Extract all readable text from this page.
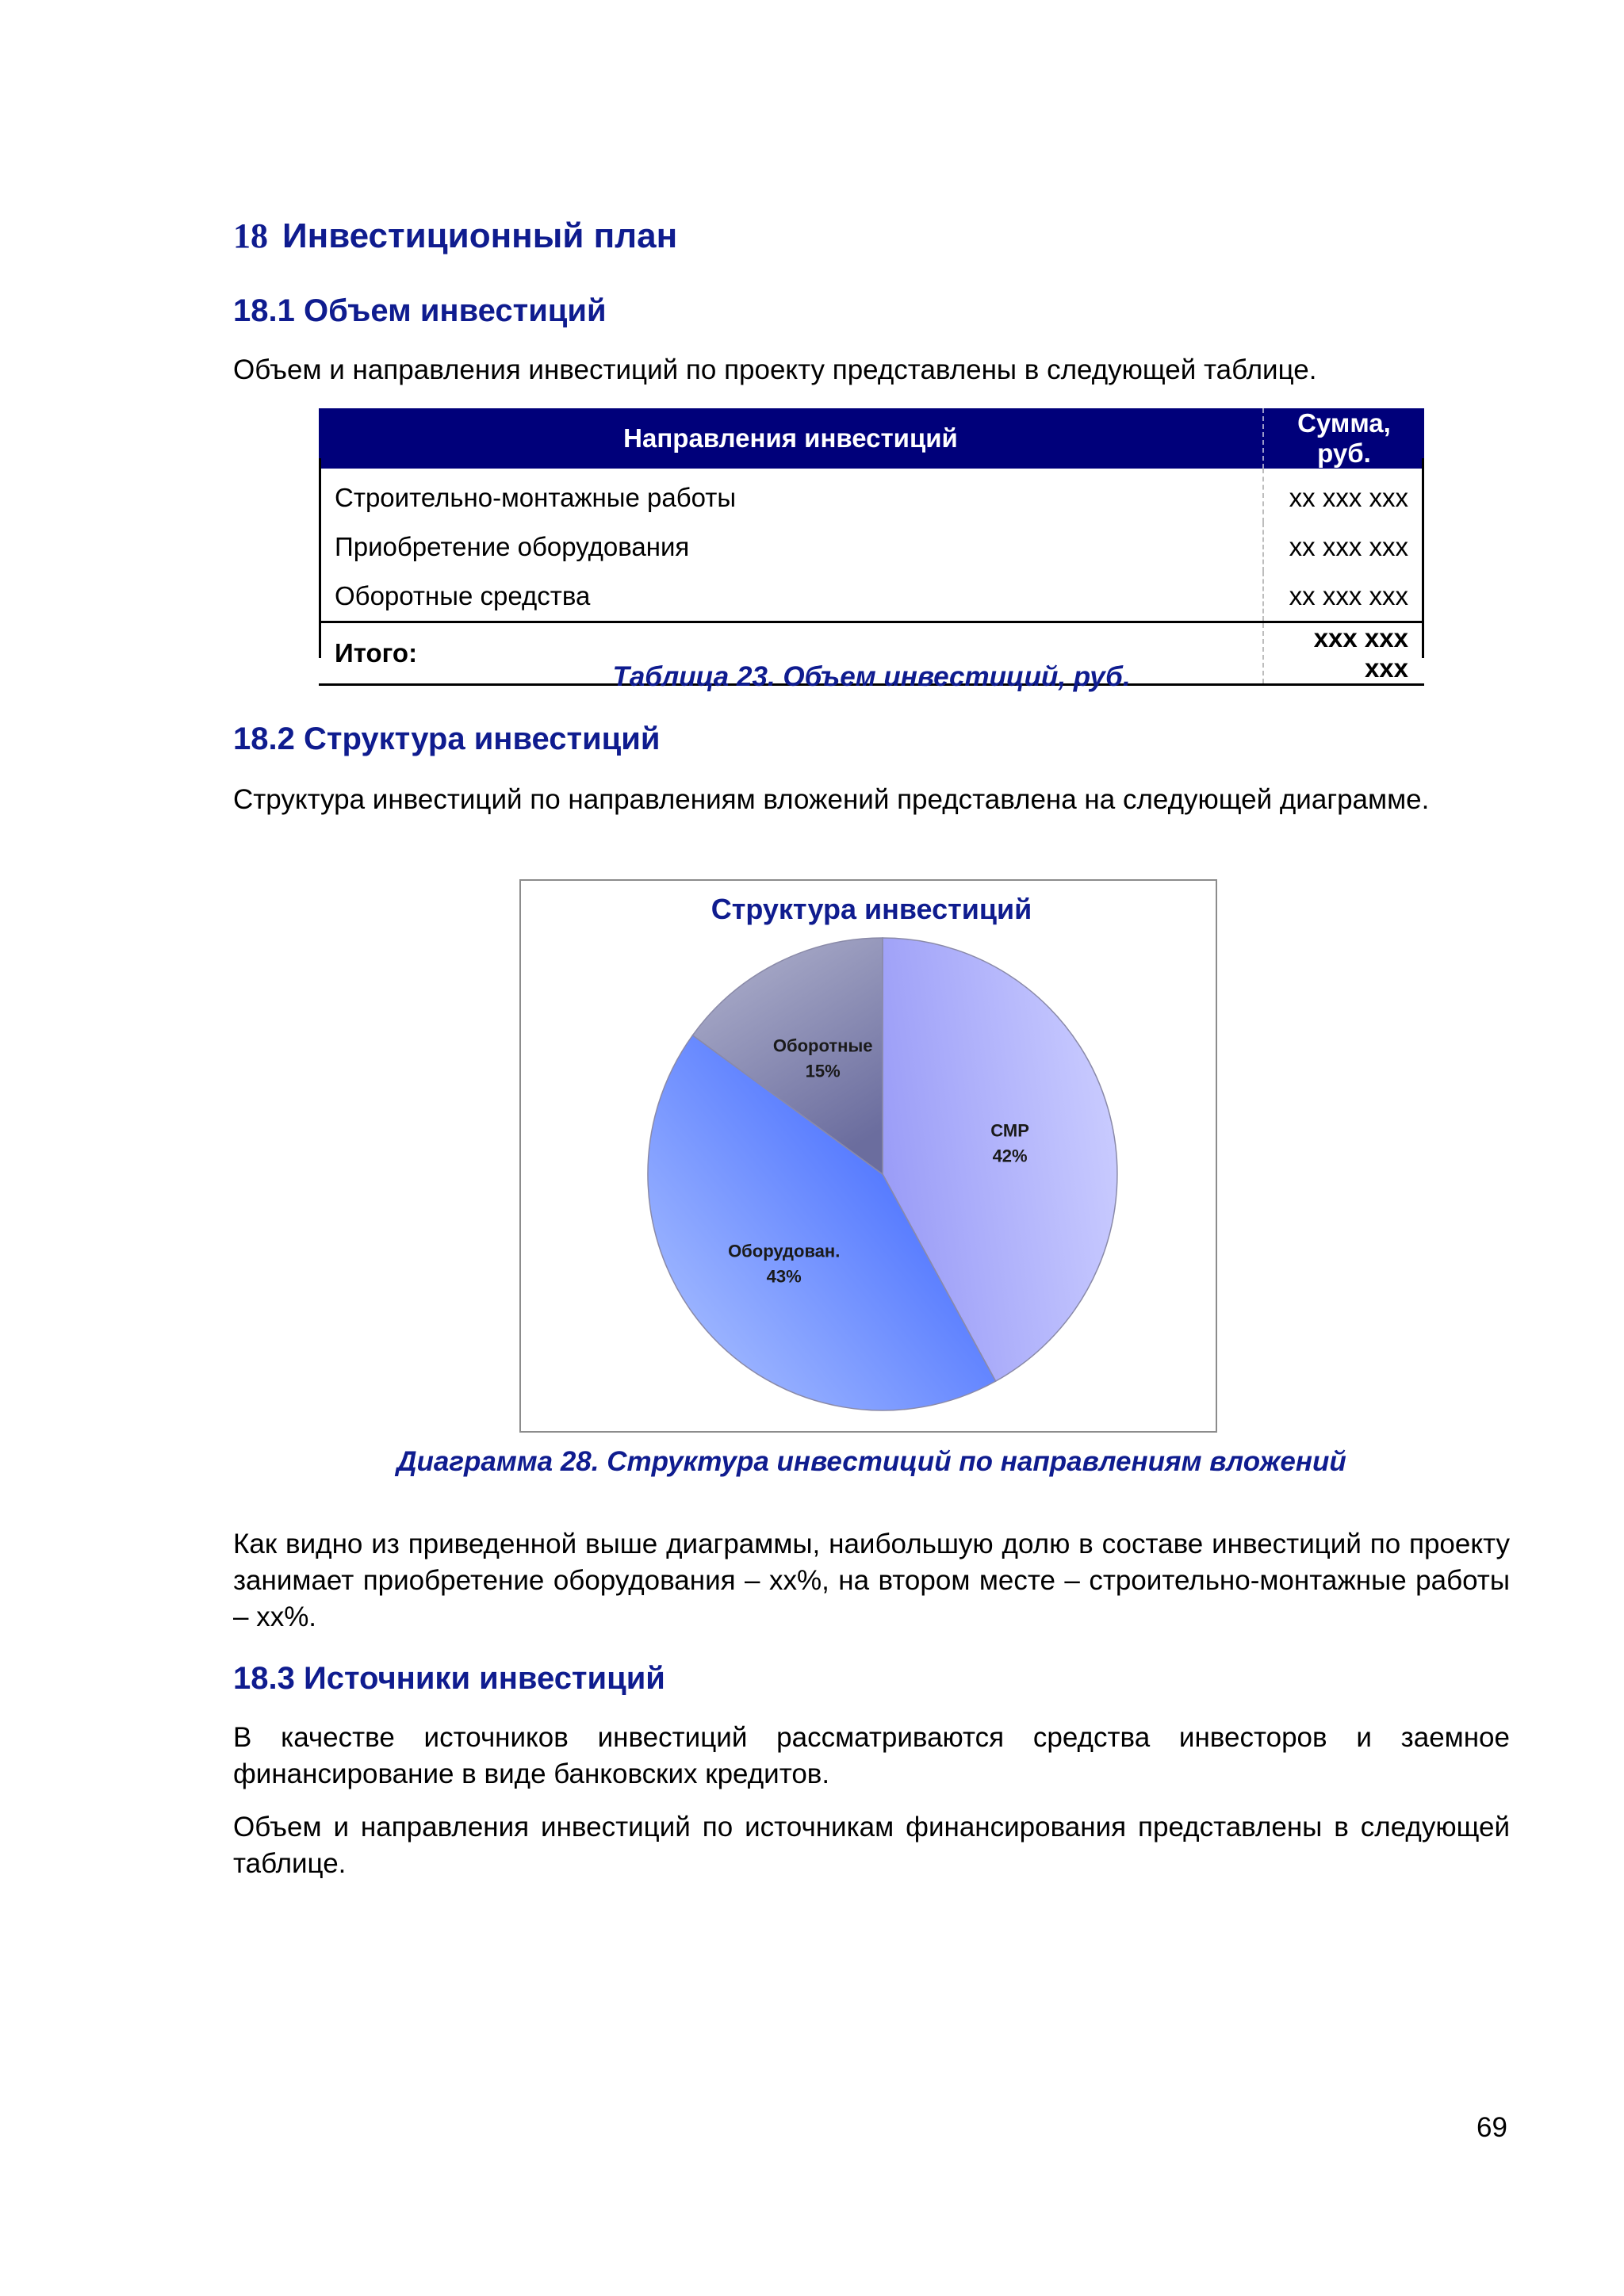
18 Инвестиционный план
18.1 Объем инвестиций
Объем и направления инвестиций по проекту представлены в следующей таблице.
Направления инвестиций	Сумма, руб.
Строительно-монтажные работы	xx xxx xxx
Приобретение оборудования	xx xxx xxx
Оборотные средства	xx xxx xxx
Итого:	xxx xxx xxx
Таблица 23. Объем инвестиций, руб.
18.2 Структура инвестиций
Структура инвестиций по направлениям вложений представлена на следующей диаграмме.
Структура инвестиций
СМР
42%
Оборудован.
43%
Оборотные
15%
Диаграмма 28. Структура инвестиций по направлениям вложений
Как видно из приведенной выше диаграммы, наибольшую долю в составе инвестиций по проекту занимает приобретение оборудования – xx%, на втором месте – строительно-монтажные работы – xx%.
18.3 Источники инвестиций
В качестве источников инвестиций рассматриваются средства инвесторов и заемное финансирование в виде банковских кредитов.
Объем и направления инвестиций по источникам финансирования представлены в следующей таблице.
69
